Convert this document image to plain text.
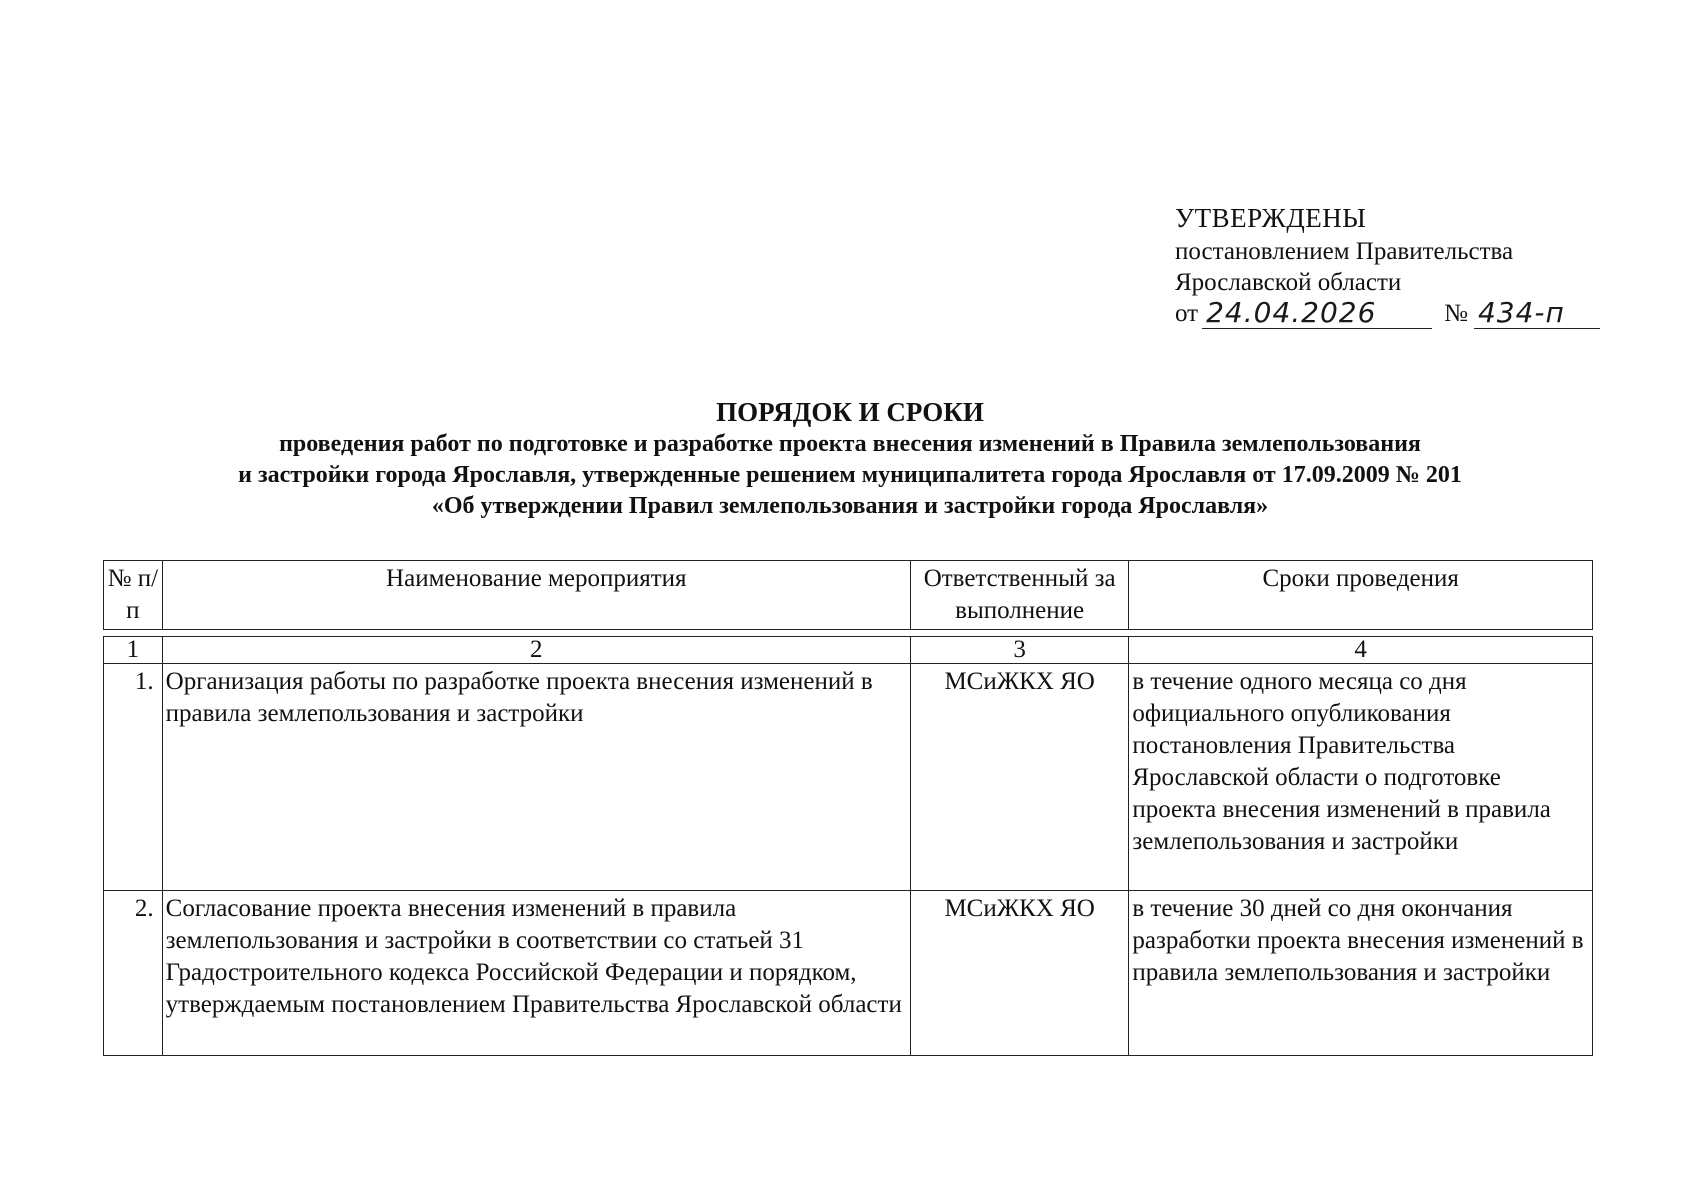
УТВЕРЖДЕНЫ
постановлением Правительства
Ярославской области
от 24.04.2026	№ 434-п
ПОРЯДОК И СРОКИ
проведения работ по подготовке и разработке проекта внесения изменений в Правила землепользования
и застройки города Ярославля, утвержденные решением муниципалитета города Ярославля от 17.09.2009 № 201
«Об утверждении Правил землепользования и застройки города Ярославля»
№ п/п	Наименование мероприятия	Ответственный за выполнение	Сроки проведения

1	2	3	4
1.	Организация работы по разработке проекта внесения изменений в правила землепользования и застройки	МСиЖКХ ЯО	в течение одного месяца со дня официального опубликования постановления Правительства Ярославской области о подготовке проекта внесения изменений в правила землепользования и застройки
2.	Согласование проекта внесения изменений в правила землепользования и застройки в соответствии со статьей 31 Градостроительного кодекса Российской Федерации и порядком, утверждаемым постановлением Правительства Ярославской области	МСиЖКХ ЯО	в течение 30 дней со дня окончания разработки проекта внесения изменений в правила землепользования и застройки
